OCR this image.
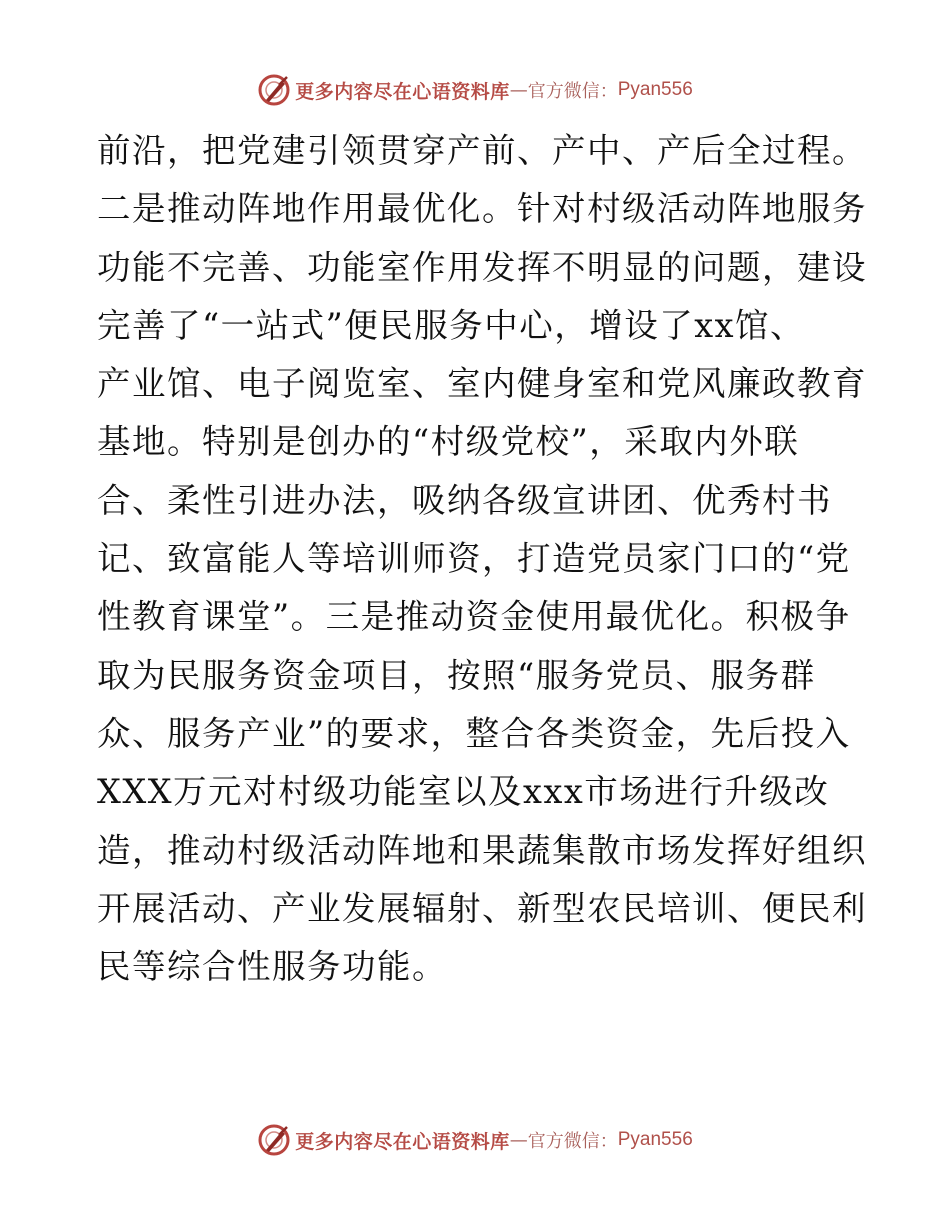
更多内容尽在心语资料库 — 官方微信： Pyan556
前沿，把党建引领贯穿产前、产中、产后全过程。
二是推动阵地作用最优化。针对村级活动阵地服务
功能不完善、功能室作用发挥不明显的问题，建设
完善了“一站式”便民服务中心，增设了xx馆、
产业馆、电子阅览室、室内健身室和党风廉政教育
基地。特别是创办的“村级党校”，采取内外联
合、柔性引进办法，吸纳各级宣讲团、优秀村书
记、致富能人等培训师资，打造党员家门口的“党
性教育课堂”。三是推动资金使用最优化。积极争
取为民服务资金项目，按照“服务党员、服务群
众、服务产业”的要求，整合各类资金，先后投入
XXX万元对村级功能室以及xxx市场进行升级改
造，推动村级活动阵地和果蔬集散市场发挥好组织
开展活动、产业发展辐射、新型农民培训、便民利
民等综合性服务功能。
更多内容尽在心语资料库 — 官方微信： Pyan556
